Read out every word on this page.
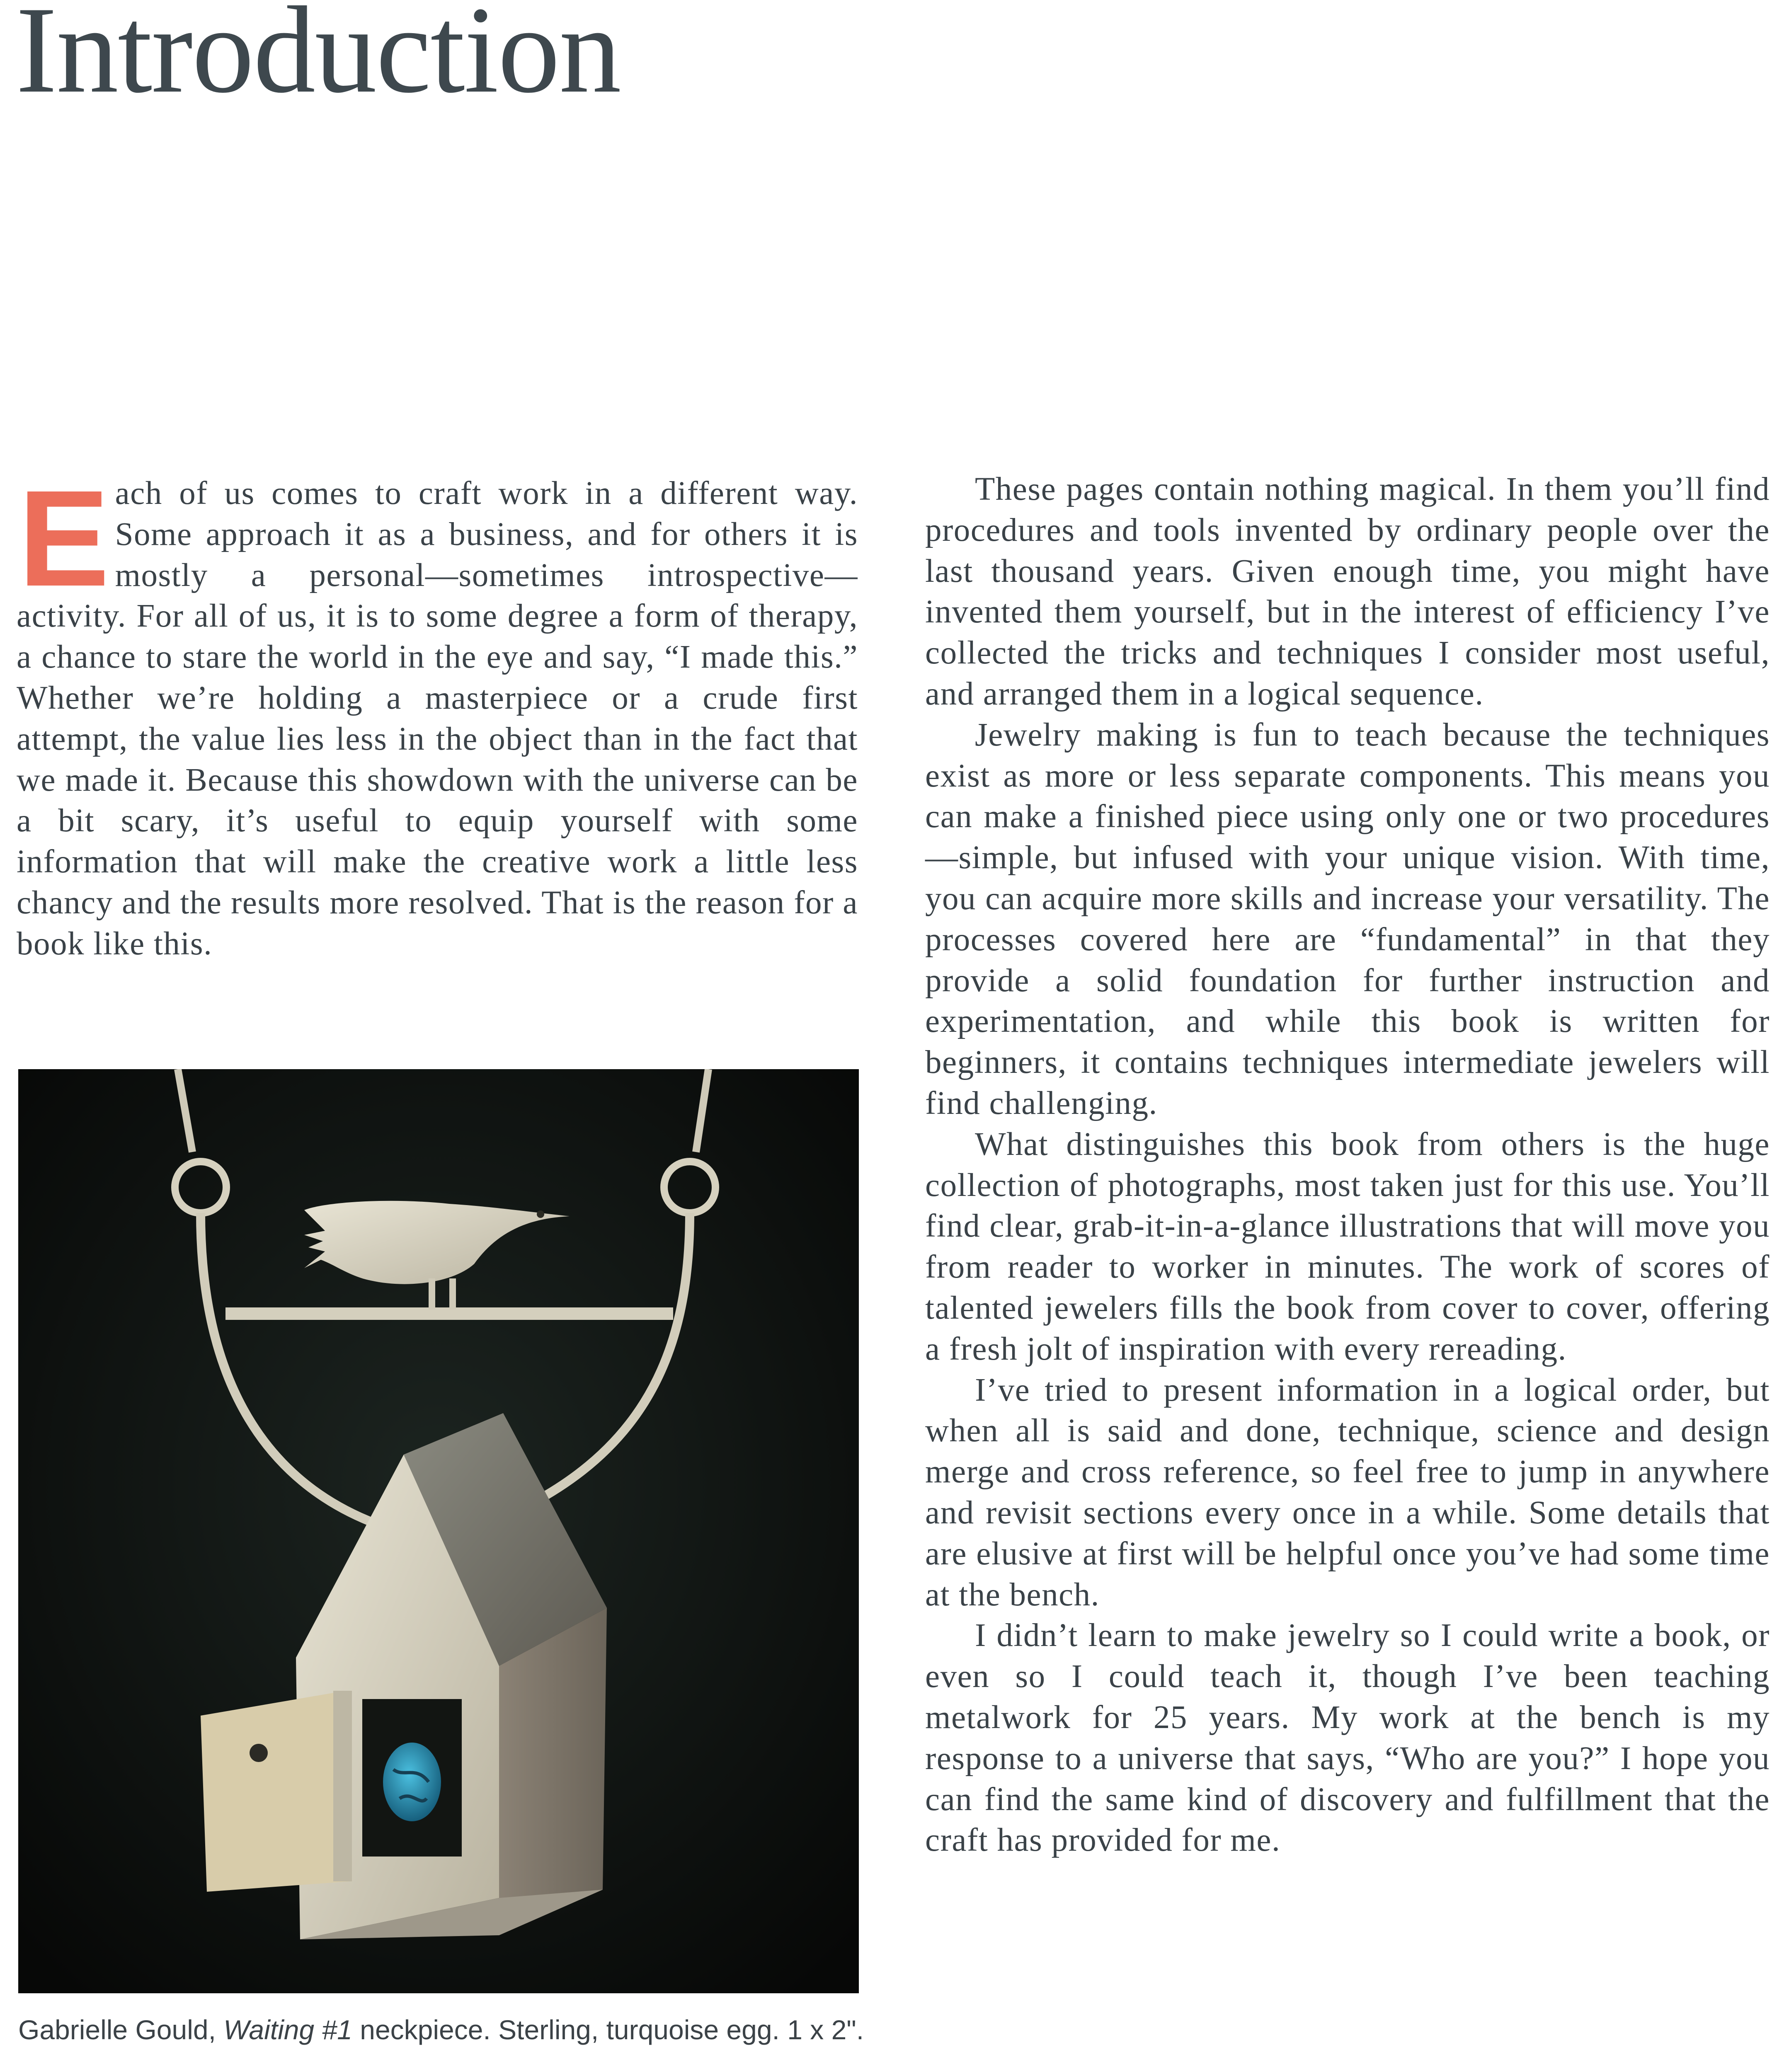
Introduction

Each of us comes to craft work in a different way. Some approach it as a business, and for others it is mostly a personal—sometimes introspective—activity. For all of us, it is to some degree a form of therapy, a chance to stare the world in the eye and say, “I made this.” Whether we’re holding a masterpiece or a crude first attempt, the value lies less in the object than in the fact that we made it. Because this showdown with the universe can be a bit scary, it’s useful to equip yourself with some information that will make the creative work a little less chancy and the results more resolved. That is the reason for a book like this.

These pages contain nothing magical. In them you’ll find procedures and tools invented by ordinary people over the last thousand years. Given enough time, you might have invented them yourself, but in the interest of efficiency I’ve collected the tricks and techniques I consider most useful, and arranged them in a logical sequence.

Jewelry making is fun to teach because the techniques exist as more or less separate components. This means you can make a finished piece using only one or two procedures—simple, but infused with your unique vision. With time, you can acquire more skills and increase your versatility. The processes covered here are “fundamental” in that they provide a solid foundation for further instruction and experimentation, and while this book is written for beginners, it contains techniques intermediate jewelers will find challenging.

What distinguishes this book from others is the huge collection of photographs, most taken just for this use. You’ll find clear, grab-it-in-a-glance illustrations that will move you from reader to worker in minutes. The work of scores of talented jewelers fills the book from cover to cover, offering a fresh jolt of inspiration with every rereading.

I’ve tried to present information in a logical order, but when all is said and done, technique, science and design merge and cross reference, so feel free to jump in anywhere and revisit sections every once in a while. Some details that are elusive at first will be helpful once you’ve had some time at the bench.

I didn’t learn to make jewelry so I could write a book, or even so I could teach it, though I’ve been teaching metalwork for 25 years. My work at the bench is my response to a universe that says, “Who are you?” I hope you can find the same kind of discovery and fulfillment that the craft has provided for me.

Gabrielle Gould, Waiting #1 neckpiece. Sterling, turquoise egg. 1 x 2".
